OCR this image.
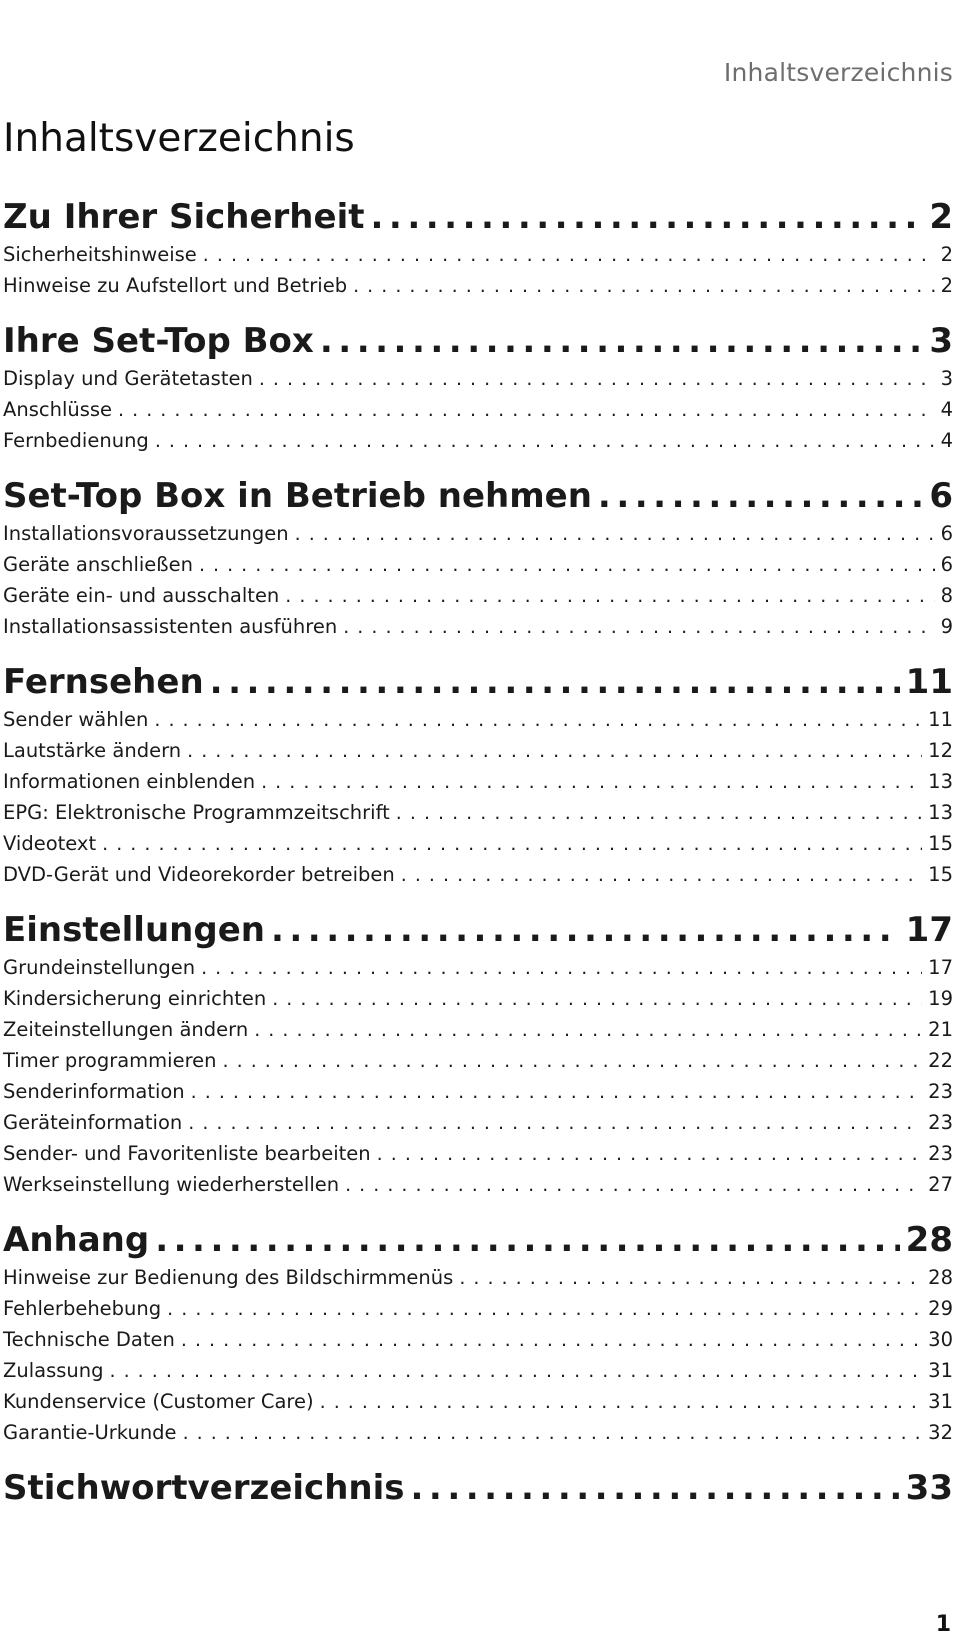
Inhaltsverzeichnis
Inhaltsverzeichnis
Zu Ihrer Sicherheit .....	2
Sicherheitshinweise . . .	2
Hinweise zu Aufstellort und Betrieb . . .	2
Ihre Set-Top Box .....	3
Display und Gerätetasten . . .	3
Anschlüsse . . .	4
Fernbedienung . . .	4
Set-Top Box in Betrieb nehmen .....	6
Installationsvoraussetzungen . . .	6
Geräte anschließen . . .	6
Geräte ein- und ausschalten . . .	8
Installationsassistenten ausführen . . .	9
Fernsehen .....	11
Sender wählen . . .	11
Lautstärke ändern . . .	12
Informationen einblenden . . .	13
EPG: Elektronische Programmzeitschrift . . .	13
Videotext . . .	15
DVD-Gerät und Videorekorder betreiben . . .	15
Einstellungen .....	17
Grundeinstellungen . . .	17
Kindersicherung einrichten . . .	19
Zeiteinstellungen ändern . . .	21
Timer programmieren . . .	22
Senderinformation . . .	23
Geräteinformation . . .	23
Sender- und Favoritenliste bearbeiten . . .	23
Werkseinstellung wiederherstellen . . .	27
Anhang .....	28
Hinweise zur Bedienung des Bildschirmmenüs . . .	28
Fehlerbehebung . . .	29
Technische Daten . . .	30
Zulassung . . .	31
Kundenservice (Customer Care) . . .	31
Garantie-Urkunde . . .	32
Stichwortverzeichnis .....	33
1
